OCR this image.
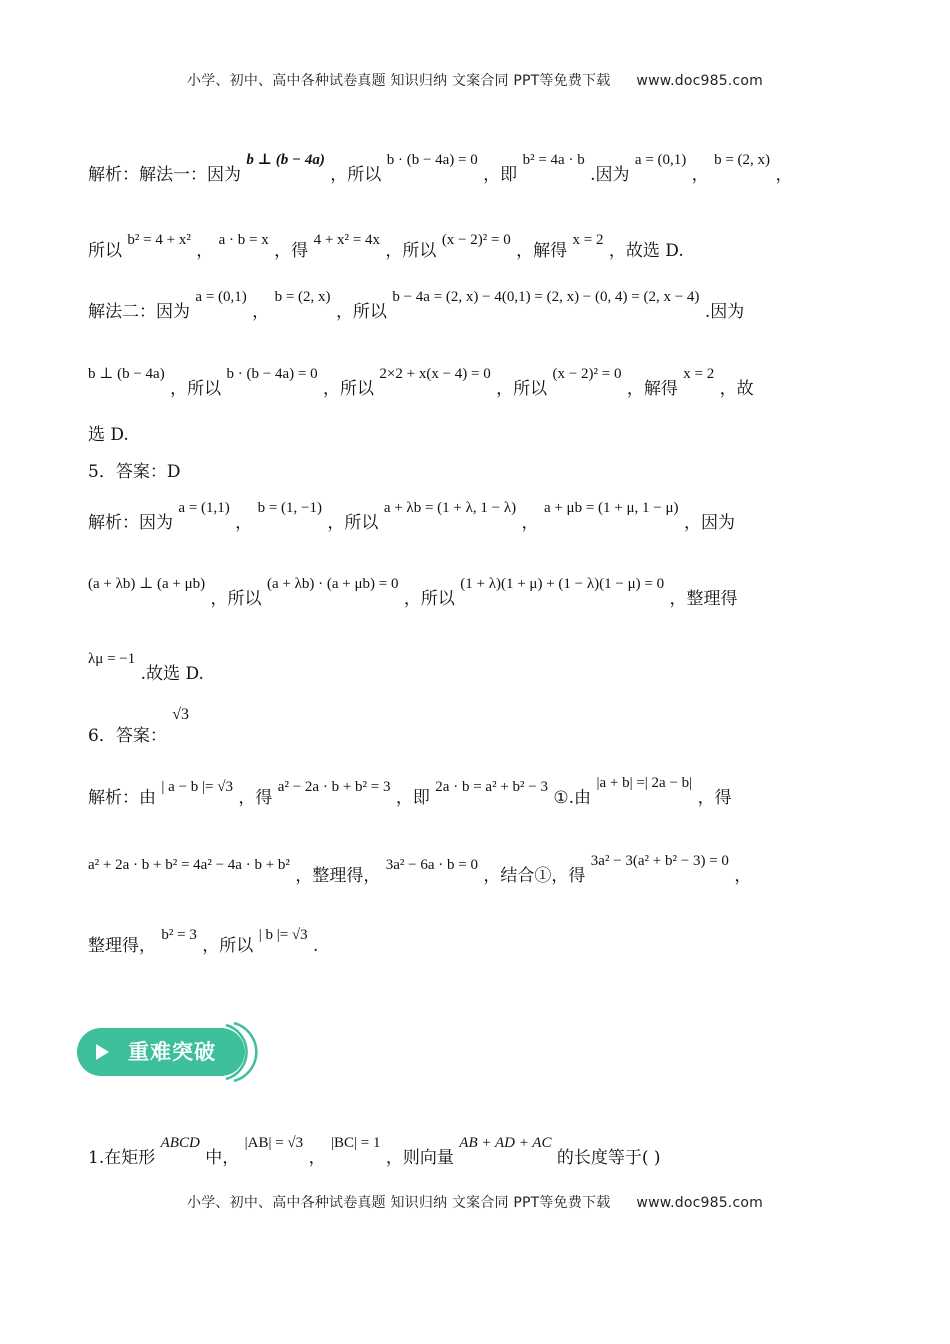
小学、初中、高中各种试卷真题 知识归纳 文案合同 PPT等免费下载 www.doc985.com
解析：解法一：因为 b ⊥ (b − 4a) ，所以 b · (b − 4a) = 0 ，即 b² = 4a · b .因为 a = (0,1) ， b = (2, x) ，
所以 b² = 4 + x² ， a · b = x ，得 4 + x² = 4x ，所以 (x − 2)² = 0 ，解得 x = 2 ，故选 D.
解法二：因为 a = (0,1) ， b = (2, x) ，所以 b − 4a = (2, x) − 4(0,1) = (2, x) − (0, 4) = (2, x − 4) .因为
b ⊥ (b − 4a) ，所以 b · (b − 4a) = 0 ，所以 2×2 + x(x − 4) = 0 ，所以 (x − 2)² = 0 ，解得 x = 2 ，故
选 D.
5．答案：D
解析：因为 a = (1,1) ， b = (1, −1) ，所以 a + λb = (1 + λ, 1 − λ) ， a + μb = (1 + μ, 1 − μ) ，因为
(a + λb) ⊥ (a + μb) ，所以 (a + λb) · (a + μb) = 0 ，所以 (1 + λ)(1 + μ) + (1 − λ)(1 − μ) = 0 ，整理得
λμ = −1 .故选 D.
6．答案： √3
解析：由 | a − b |= √3 ，得 a² − 2a · b + b² = 3 ，即 2a · b = a² + b² − 3 ①.由 |a + b| =| 2a − b| ，得
a² + 2a · b + b² = 4a² − 4a · b + b² ，整理得， 3a² − 6a · b = 0 ，结合①，得 3a² − 3(a² + b² − 3) = 0 ，
整理得， b² = 3 ，所以 | b |= √3 .
重难突破
1.在矩形 ABCD 中， |AB| = √3 ， |BC| = 1 ，则向量 AB + AD + AC 的长度等于( )
小学、初中、高中各种试卷真题 知识归纳 文案合同 PPT等免费下载 www.doc985.com
